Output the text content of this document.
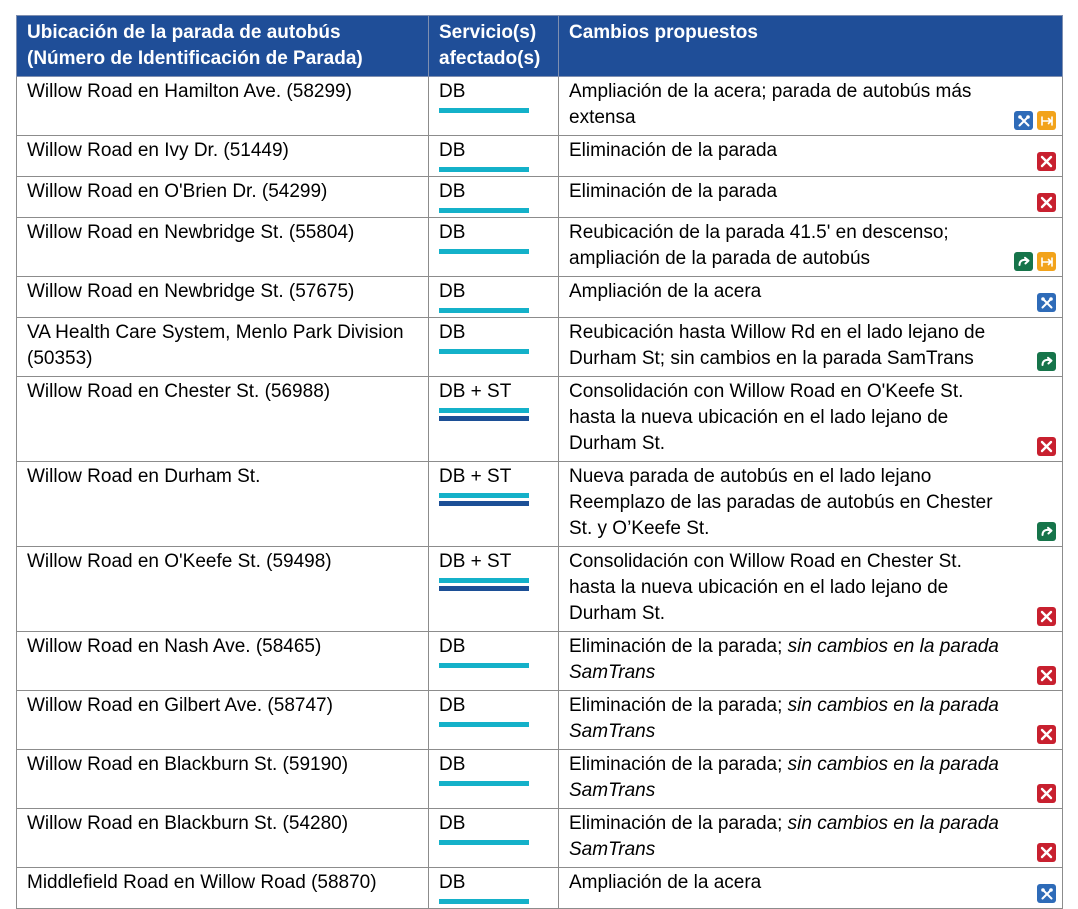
Ubicación de la parada de autobús (Número de Identificación de Parada)	Servicio(s) afectado(s)	Cambios propuestos
Willow Road en Hamilton Ave. (58299)	DB	Ampliación de la acera; parada de autobús más extensa

Willow Road en Ivy Dr. (51449)	DB	Eliminación de la parada

Willow Road en O'Brien Dr. (54299)	DB	Eliminación de la parada

Willow Road en Newbridge St. (55804)	DB	Reubicación de la parada 41.5' en descenso; ampliación de la parada de autobús

Willow Road en Newbridge St. (57675)	DB	Ampliación de la acera

VA Health Care System, Menlo Park Division (50353)	DB	Reubicación hasta Willow Rd en el lado lejano de Durham St; sin cambios en la parada SamTrans

Willow Road en Chester St. (56988)	DB + ST	Consolidación con Willow Road en O'Keefe St. hasta la nueva ubicación en el lado lejano de Durham St.

Willow Road en Durham St.	DB + ST	Nueva parada de autobús en el lado lejano Reemplazo de las paradas de autobús en Chester St. y O’Keefe St.

Willow Road en O'Keefe St. (59498)	DB + ST	Consolidación con Willow Road en Chester St. hasta la nueva ubicación en el lado lejano de Durham St.

Willow Road en Nash Ave. (58465)	DB	Eliminación de la parada; sin cambios en la parada SamTrans

Willow Road en Gilbert Ave. (58747)	DB	Eliminación de la parada; sin cambios en la parada SamTrans

Willow Road en Blackburn St. (59190)	DB	Eliminación de la parada; sin cambios en la parada SamTrans

Willow Road en Blackburn St. (54280)	DB	Eliminación de la parada; sin cambios en la parada SamTrans

Middlefield Road en Willow Road (58870)	DB	Ampliación de la acera
